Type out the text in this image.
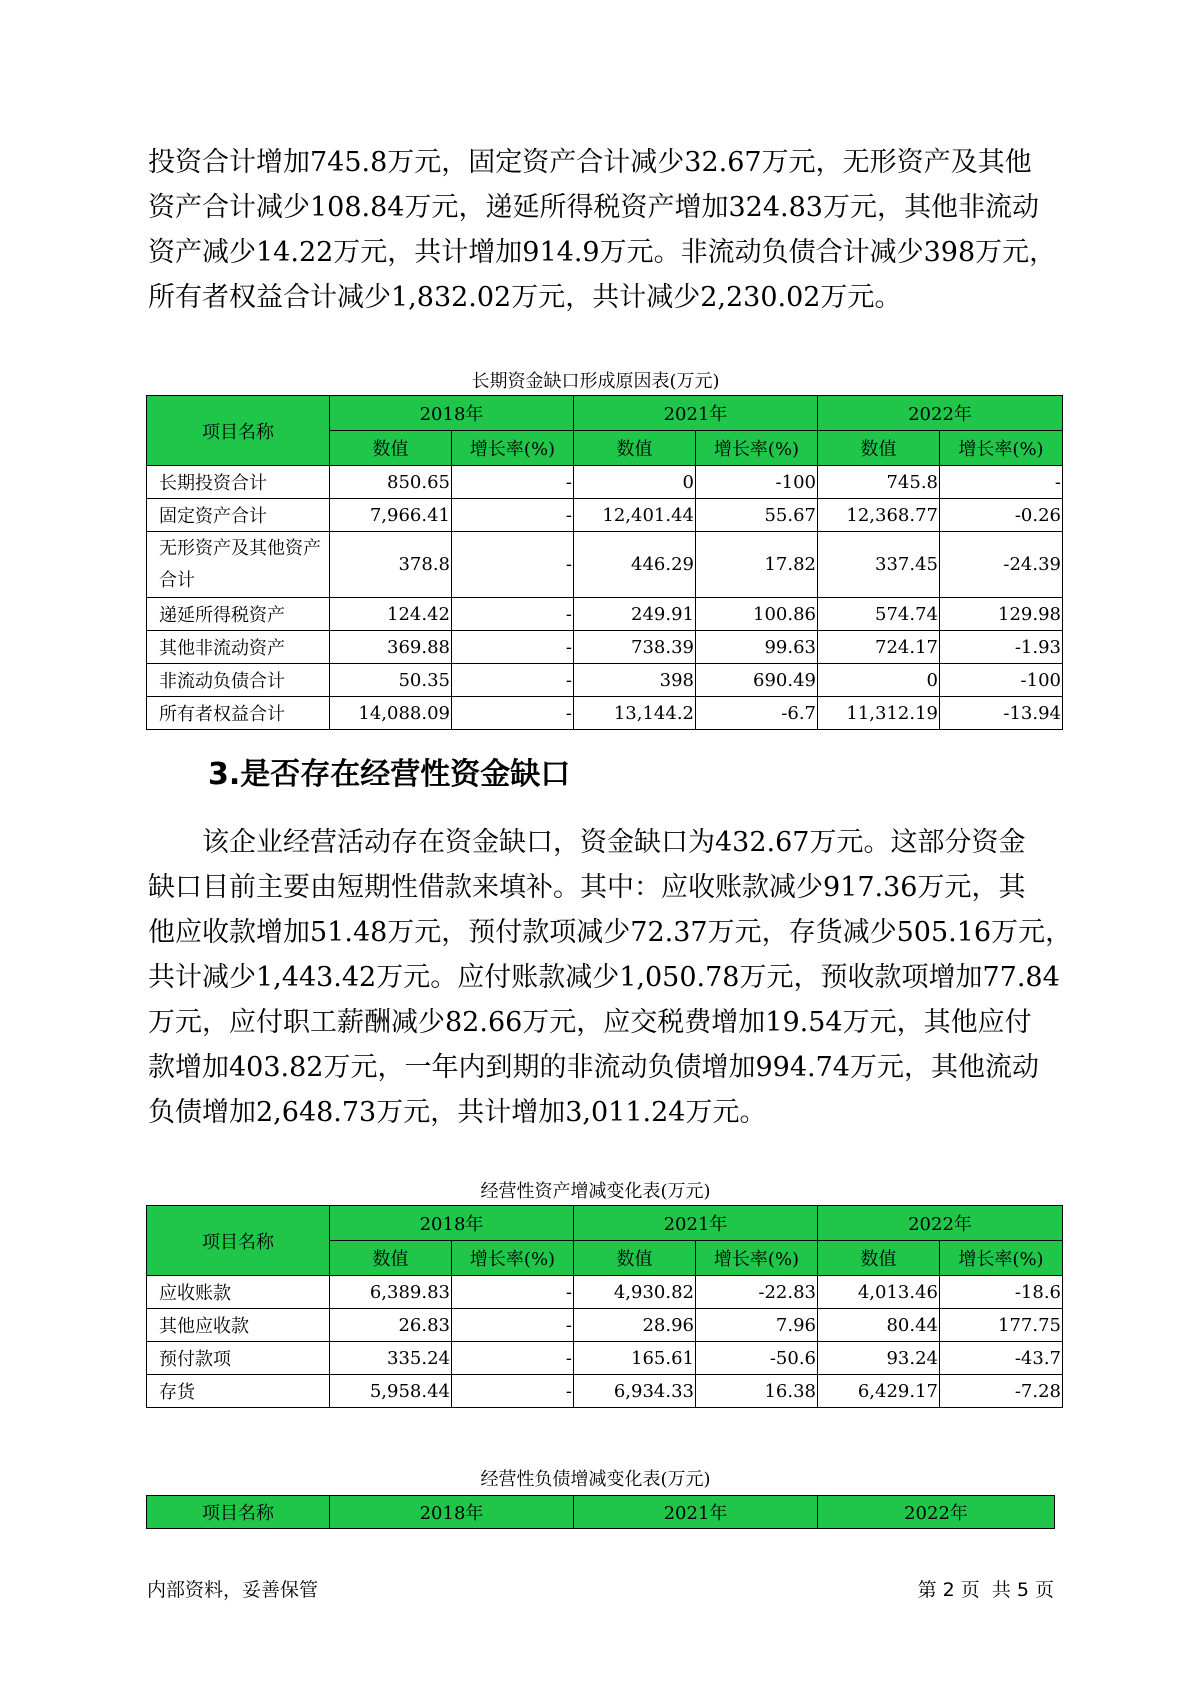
投资合计增加745.8万元，固定资产合计减少32.67万元，无形资产及其他
资产合计减少108.84万元，递延所得税资产增加324.83万元，其他非流动
资产减少14.22万元，共计增加914.9万元。非流动负债合计减少398万元，
所有者权益合计减少1,832.02万元，共计减少2,230.02万元。

长期资金缺口形成原因表(万元)

项目名称	2018年		2021年		2022年	
	数值	增长率(%)	数值	增长率(%)	数值	增长率(%)
长期投资合计	850.65	-	0	-100	745.8	-
固定资产合计	7,966.41	-	12,401.44	55.67	12,368.77	-0.26
无形资产及其他资产合计	378.8	-	446.29	17.82	337.45	-24.39
递延所得税资产	124.42	-	249.91	100.86	574.74	129.98
其他非流动资产	369.88	-	738.39	99.63	724.17	-1.93
非流动负债合计	50.35	-	398	690.49	0	-100
所有者权益合计	14,088.09	-	13,144.2	-6.7	11,312.19	-13.94
3.是否存在经营性资金缺口
　　该企业经营活动存在资金缺口，资金缺口为432.67万元。这部分资金
缺口目前主要由短期性借款来填补。其中：应收账款减少917.36万元，其
他应收款增加51.48万元，预付款项减少72.37万元，存货减少505.16万元，
共计减少1,443.42万元。应付账款减少1,050.78万元，预收款项增加77.84
万元，应付职工薪酬减少82.66万元，应交税费增加19.54万元，其他应付
款增加403.82万元，一年内到期的非流动负债增加994.74万元，其他流动
负债增加2,648.73万元，共计增加3,011.24万元。

经营性资产增减变化表(万元)

项目名称	2018年		2021年		2022年	
	数值	增长率(%)	数值	增长率(%)	数值	增长率(%)
应收账款	6,389.83	-	4,930.82	-22.83	4,013.46	-18.6
其他应收款	26.83	-	28.96	7.96	80.44	177.75
预付款项	335.24	-	165.61	-50.6	93.24	-43.7
存货	5,958.44	-	6,934.33	16.38	6,429.17	-7.28

经营性负债增减变化表(万元)

项目名称	2018年	2021年	2022年
内部资料，妥善保管	第 2 页  共 5 页
